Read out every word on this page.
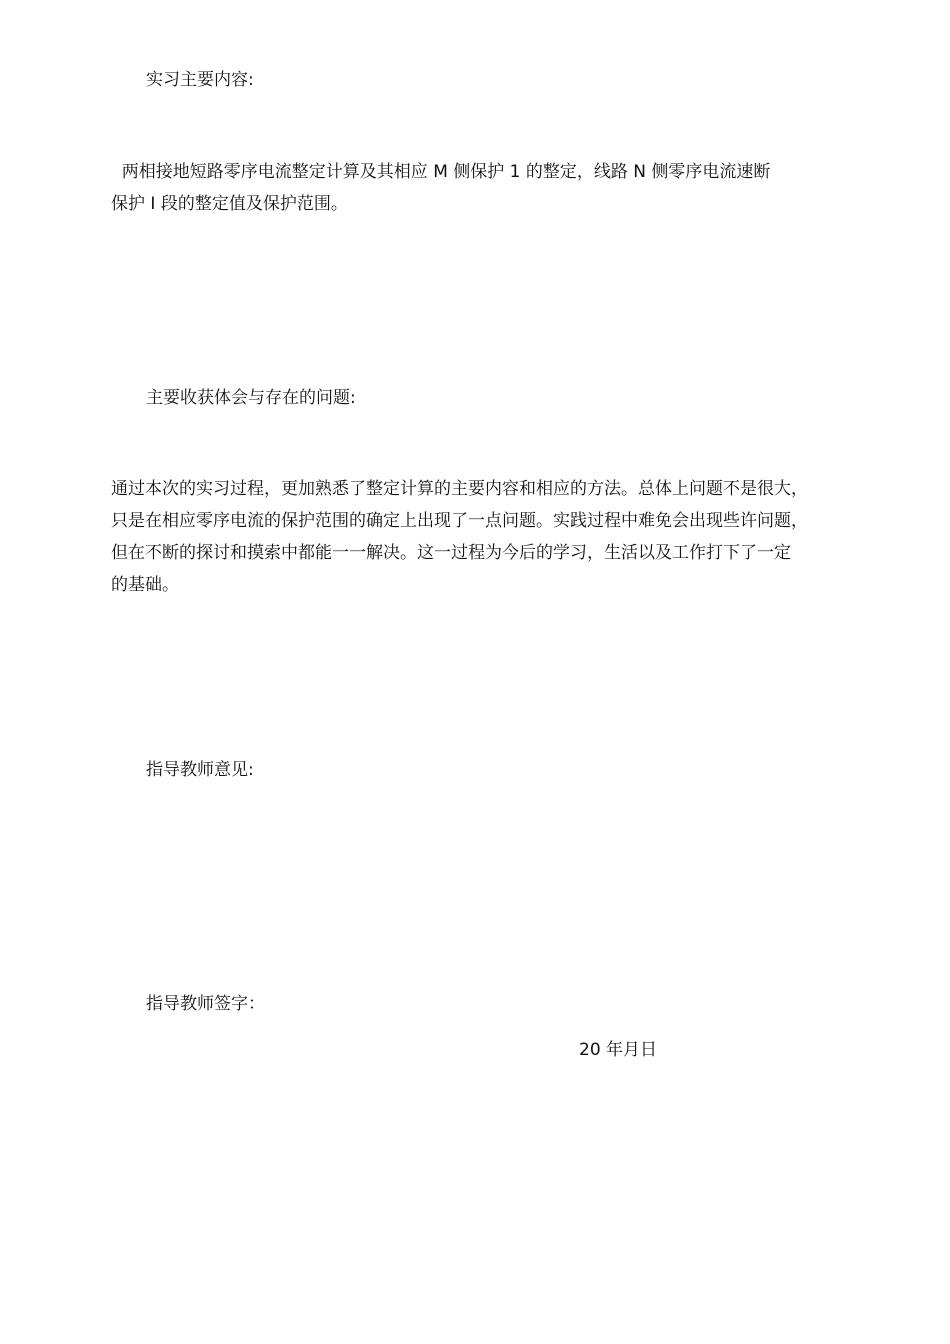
实习主要内容:

两相接地短路零序电流整定计算及其相应 M 侧保护 1 的整定，线路 N 侧零序电流速断

保护 I 段的整定值及保护范围。

主要收获体会与存在的问题:

通过本次的实习过程，更加熟悉了整定计算的主要内容和相应的方法。总体上问题不是很大，

只是在相应零序电流的保护范围的确定上出现了一点问题。实践过程中难免会出现些许问题，

但在不断的探讨和摸索中都能一一解决。这一过程为今后的学习，生活以及工作打下了一定

的基础。

指导教师意见:
指导教师签字：
20 年月日
